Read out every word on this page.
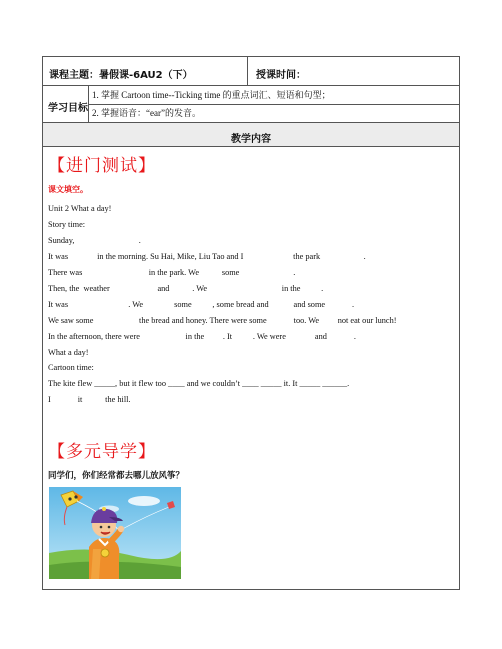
课程主题：暑假课-6AU2（下）	授课时间：
学习目标
1. 掌握 Cartoon time--Ticking time 的重点词汇、短语和句型；
2. 掌握语音：“ear”的发音。
教学内容
【进门测试】
课文填空。
Unit 2 What a day!
Story time:
Sunday,                               .
It was              in the morning. Su Hai, Mike, Liu Tao and I                        the park                     .
There was                                in the park. We           some                          .
Then, the  weather                       and           . We                                    in the          .
It was                             . We               some          , some bread and            and some             .
We saw some                      the bread and honey. There were some             too. We         not eat our lunch!
In the afternoon, there were                      in the         . It          . We were              and             .
What a day!
Cartoon time:
The kite flew _____, but it flew too ____ and we couldn’t ____ _____ it. It _____ ______.
I             it           the hill.
【多元导学】
同学们，你们经常都去哪儿放风筝？
